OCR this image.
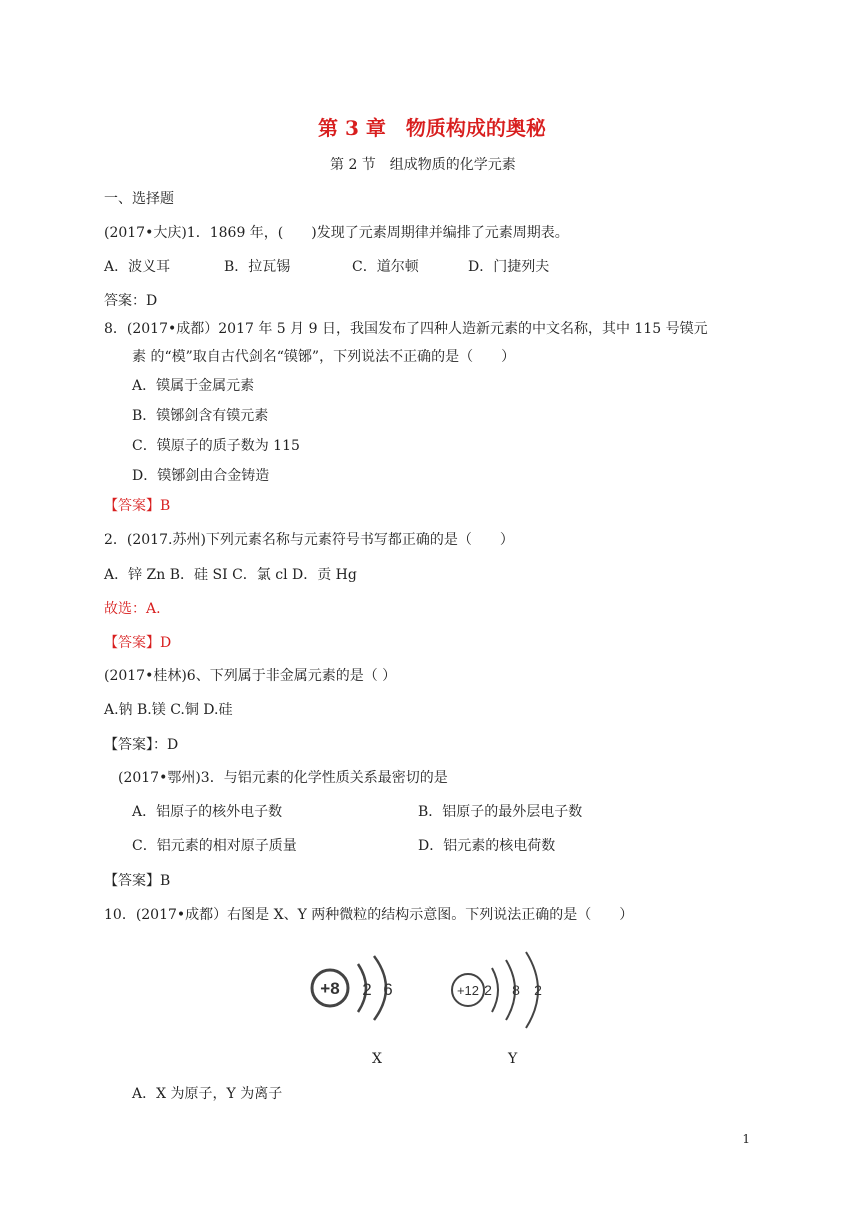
第 3 章　物质构成的奥秘
第 2 节　组成物质的化学元素
一、选择题
(2017•大庆)1．1869 年，(　　)发现了元素周期律并编排了元素周期表。
A．波义耳	B．拉瓦锡	C．道尔顿	D．门捷列夫
答案：D
8．(2017•成都）2017 年 5 月 9 日，我国发布了四种人造新元素的中文名称，其中 115 号镆元
素 的“模”取自古代剑名“镆铘”，下列说法不正确的是（　　）
A．镆属于金属元素
B．镆铘剑含有镆元素
C．镆原子的质子数为 115
D．镆铘剑由合金铸造
【答案】B
2．(2017.苏州)下列元素名称与元素符号书写都正确的是（　　）
A．锌 Zn B．硅 SI C．氯 cl D．贡 Hg
故选：A.
【答案】D
(2017•桂林)6、下列属于非金属元素的是（ ）
A.钠 B.镁 C.铜 D.硅
【答案】：D
(2017•鄂州)3．与铝元素的化学性质关系最密切的是
A．铝原子的核外电子数	B．铝原子的最外层电子数
C．铝元素的相对原子质量	D．铝元素的核电荷数
【答案】B
10．(2017•成都）右图是 X、Y 两种微粒的结构示意图。下列说法正确的是（　　）
+8 2 6	+12 2 8 2
X	Y
A．X 为原子，Y 为离子
1
